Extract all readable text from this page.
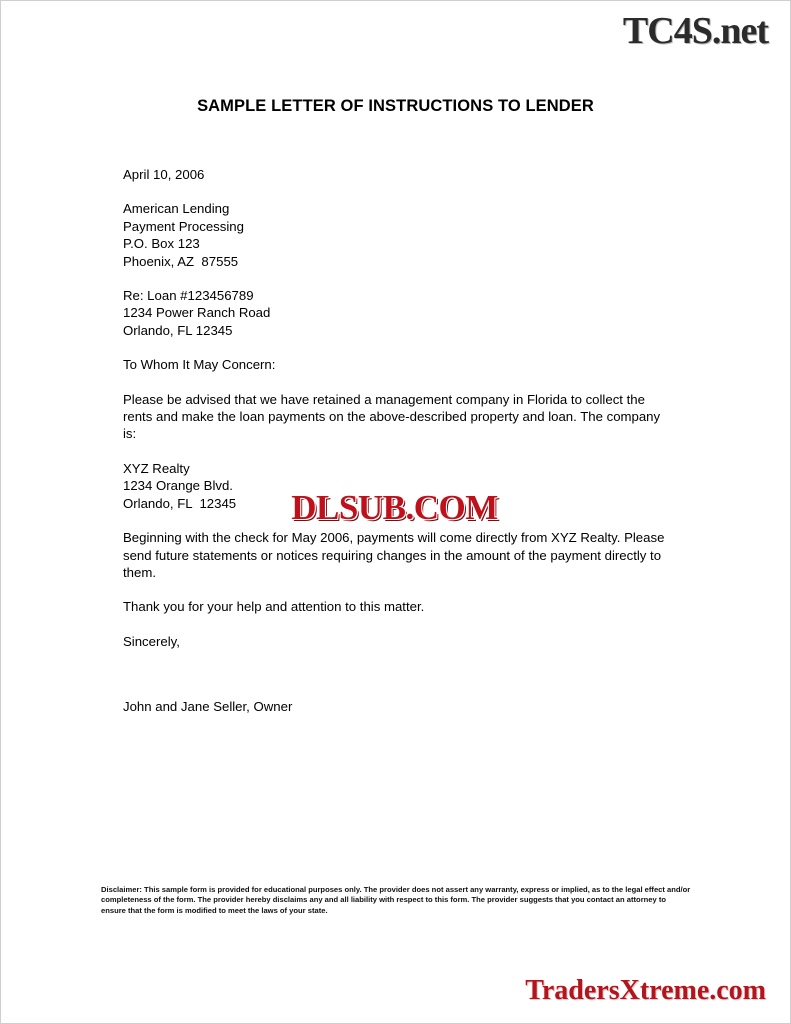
TC4S.net
SAMPLE LETTER OF INSTRUCTIONS TO LENDER
April 10, 2006
American Lending
Payment Processing
P.O. Box 123
Phoenix, AZ  87555
Re: Loan #123456789
1234 Power Ranch Road
Orlando, FL 12345
To Whom It May Concern:

Please be advised that we have retained a management company in Florida to collect the rents and make the loan payments on the above-described property and loan. The company is:

XYZ Realty
1234 Orange Blvd.
Orlando, FL  12345

Beginning with the check for May 2006, payments will come directly from XYZ Realty. Please send future statements or notices requiring changes in the amount of the payment directly to them.

Thank you for your help and attention to this matter.

Sincerely,
John and Jane Seller, Owner
DLSUB.COM
Disclaimer: This sample form is provided for educational purposes only. The provider does not assert any warranty, express or implied, as to the legal effect and/or completeness of the form. The provider hereby disclaims any and all liability with respect to this form. The provider suggests that you contact an attorney to ensure that the form is modified to meet the laws of your state.
TradersXtreme.com
